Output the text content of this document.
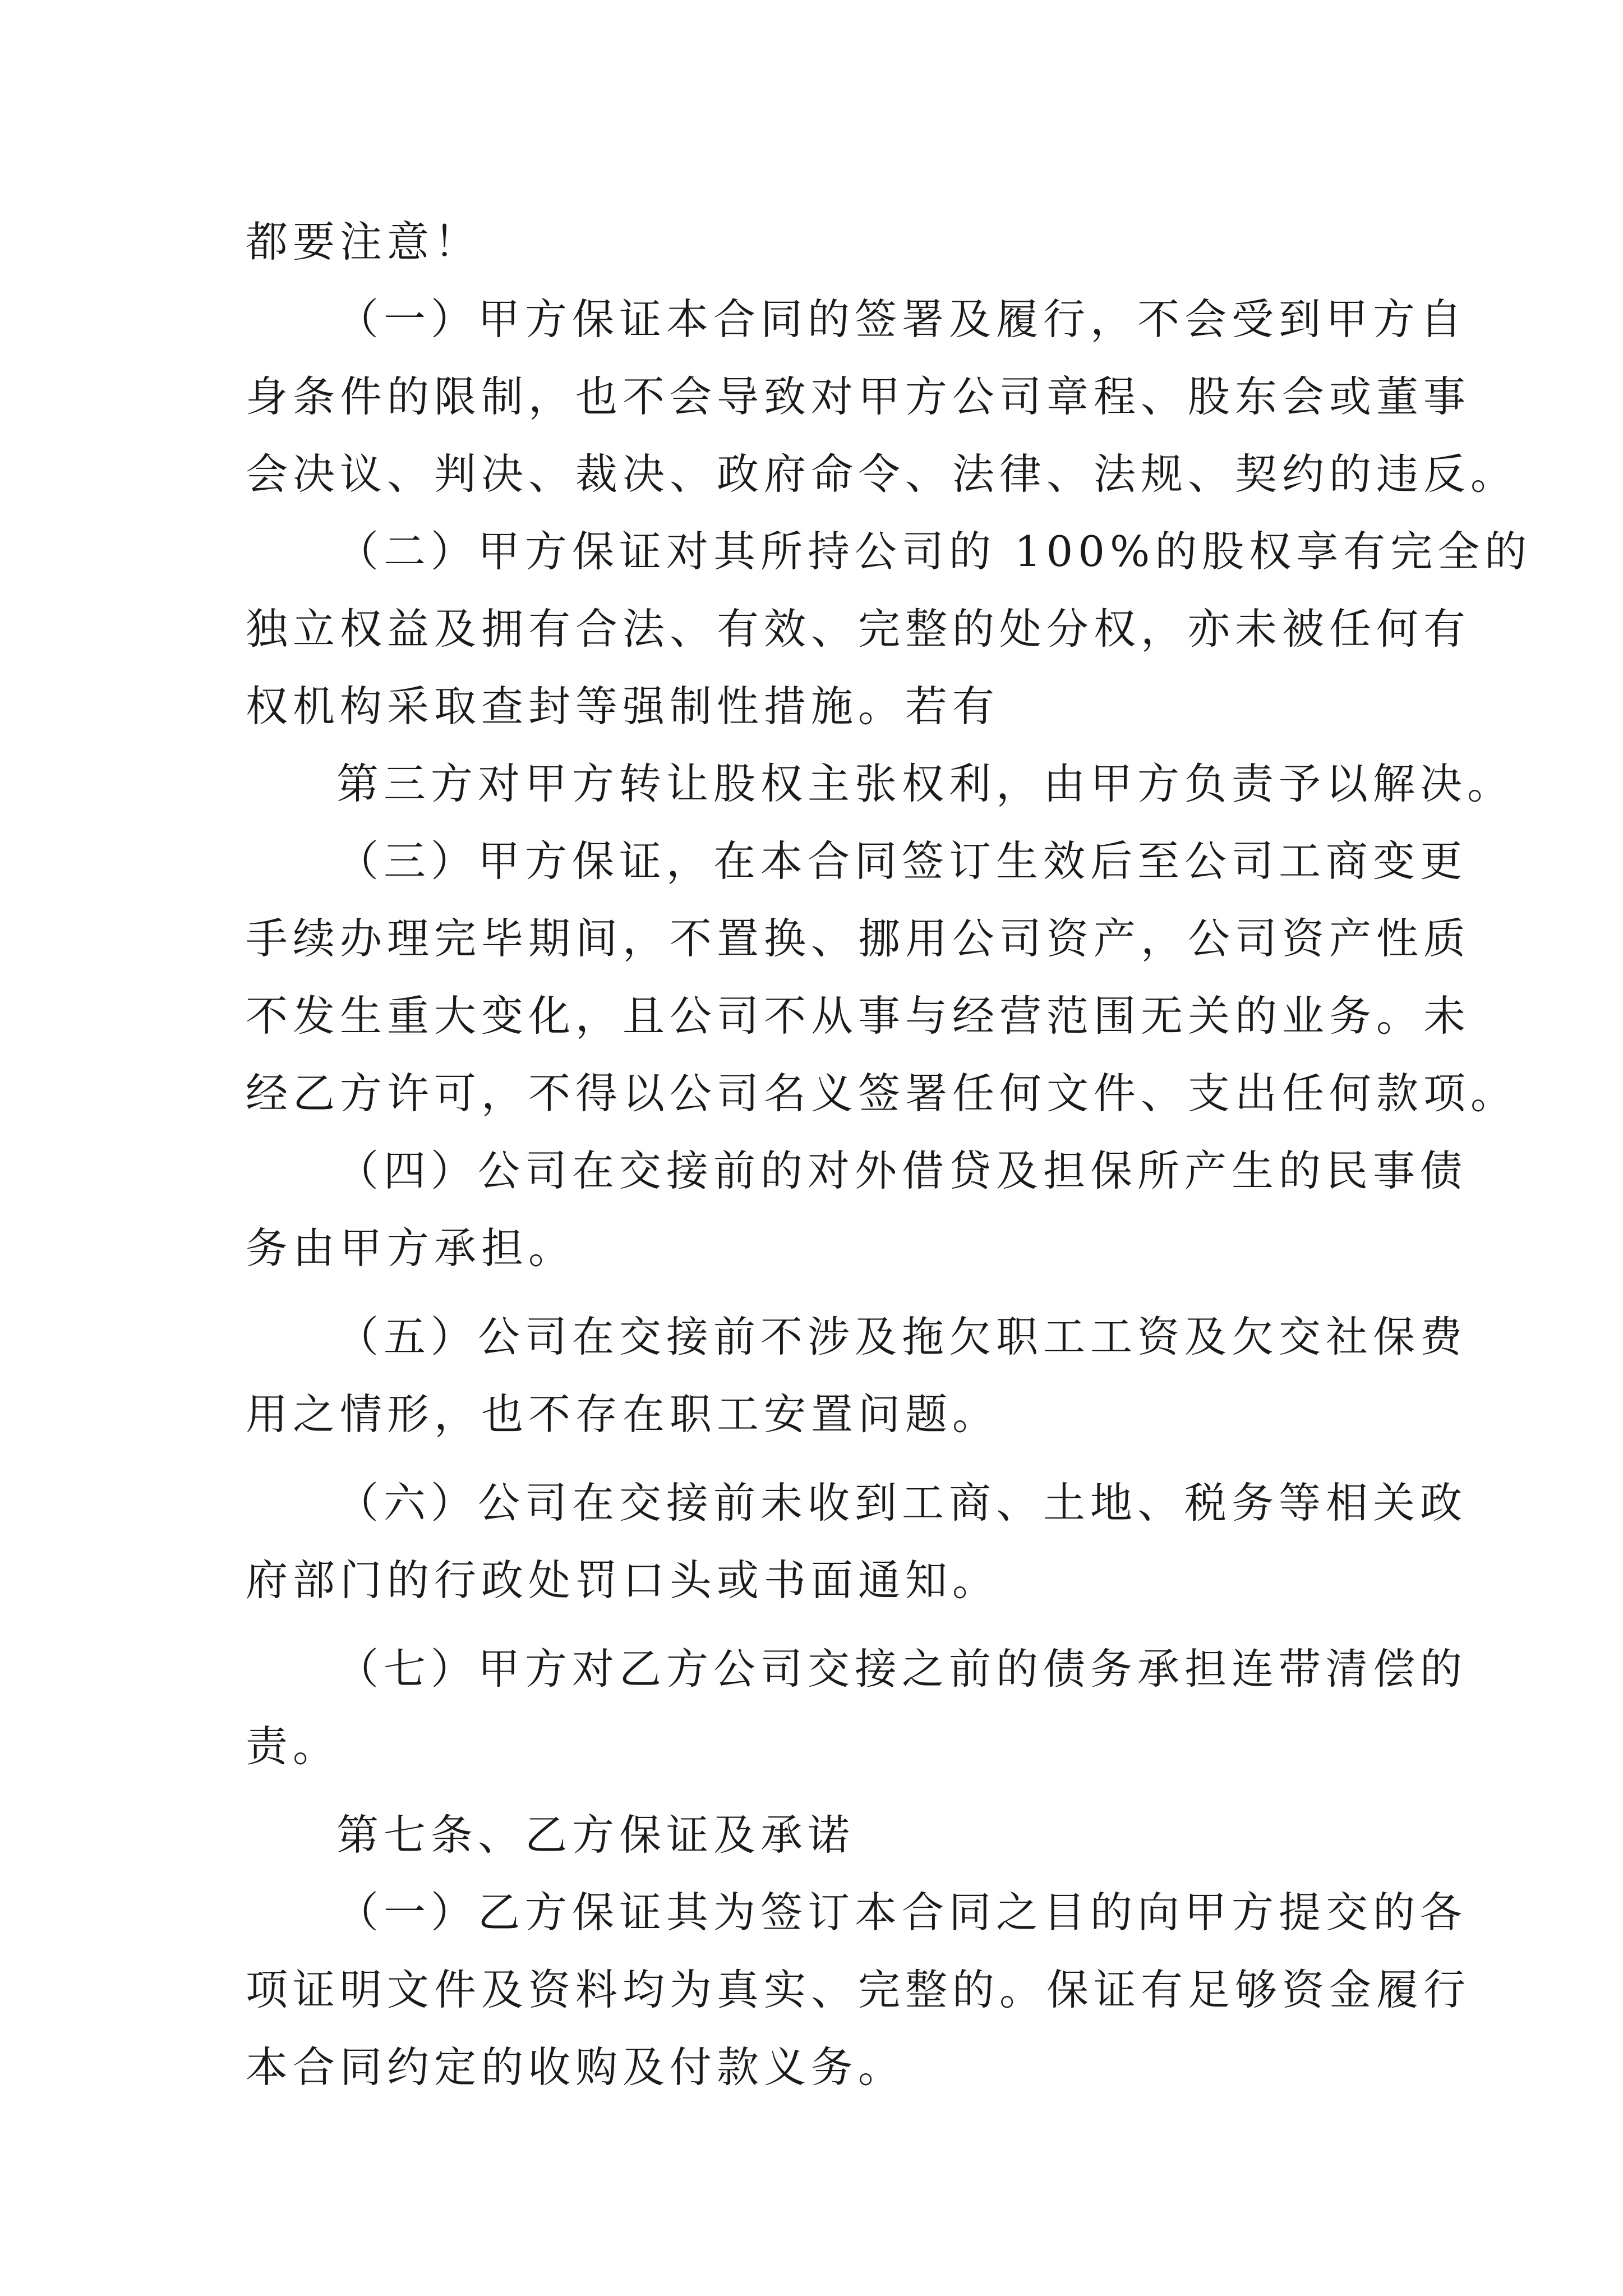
都要注意！
（一）甲方保证本合同的签署及履行，不会受到甲方自
身条件的限制，也不会导致对甲方公司章程、股东会或董事
会决议、判决、裁决、政府命令、法律、法规、契约的违反。
（二）甲方保证对其所持公司的 100%的股权享有完全的
独立权益及拥有合法、有效、完整的处分权，亦未被任何有
权机构采取查封等强制性措施。若有
第三方对甲方转让股权主张权利，由甲方负责予以解决。
（三）甲方保证，在本合同签订生效后至公司工商变更
手续办理完毕期间，不置换、挪用公司资产，公司资产性质
不发生重大变化，且公司不从事与经营范围无关的业务。未
经乙方许可，不得以公司名义签署任何文件、支出任何款项。
（四）公司在交接前的对外借贷及担保所产生的民事债
务由甲方承担。
（五）公司在交接前不涉及拖欠职工工资及欠交社保费
用之情形，也不存在职工安置问题。
（六）公司在交接前未收到工商、土地、税务等相关政
府部门的行政处罚口头或书面通知。
（七）甲方对乙方公司交接之前的债务承担连带清偿的
责。
第七条、乙方保证及承诺
（一）乙方保证其为签订本合同之目的向甲方提交的各
项证明文件及资料均为真实、完整的。保证有足够资金履行
本合同约定的收购及付款义务。
